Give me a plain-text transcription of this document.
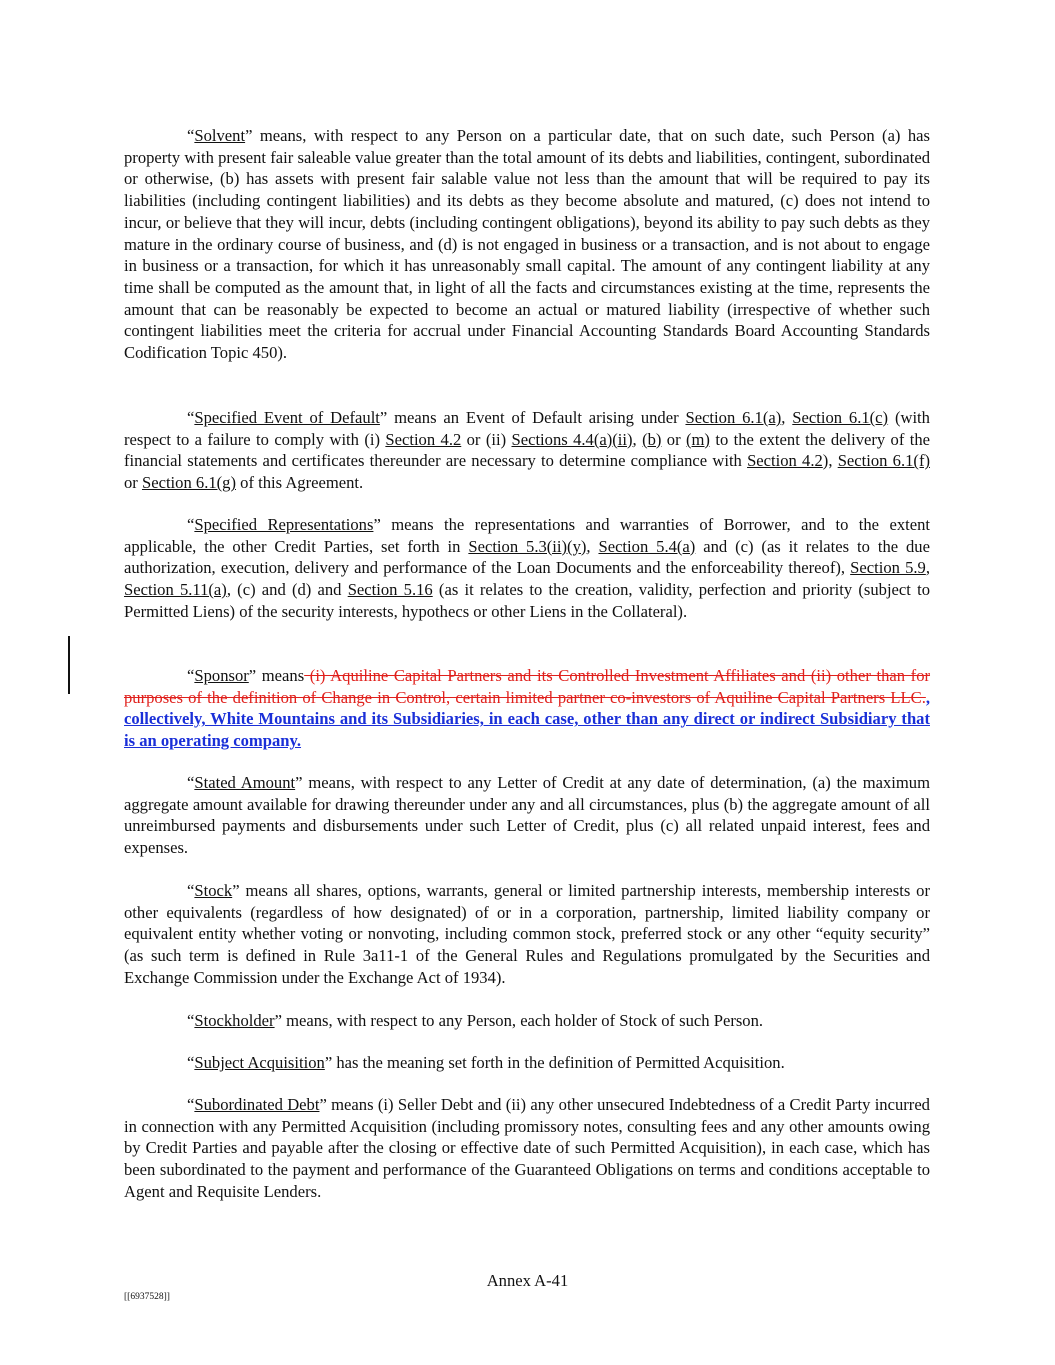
“Solvent” means, with respect to any Person on a particular date, that on such date, such Person (a) has property with present fair saleable value greater than the total amount of its debts and liabilities, contingent, subordinated or otherwise, (b) has assets with present fair salable value not less than the amount that will be required to pay its liabilities (including contingent liabilities) and its debts as they become absolute and matured, (c) does not intend to incur, or believe that they will incur, debts (including contingent obligations), beyond its ability to pay such debts as they mature in the ordinary course of business, and (d) is not engaged in business or a transaction, and is not about to engage in business or a transaction, for which it has unreasonably small capital. The amount of any contingent liability at any time shall be computed as the amount that, in light of all the facts and circumstances existing at the time, represents the amount that can be reasonably be expected to become an actual or matured liability (irrespective of whether such contingent liabilities meet the criteria for accrual under Financial Accounting Standards Board Accounting Standards Codification Topic 450).

“Specified Event of Default” means an Event of Default arising under Section 6.1(a), Section 6.1(c) (with respect to a failure to comply with (i) Section 4.2 or (ii) Sections 4.4(a)(ii), (b) or (m) to the extent the delivery of the financial statements and certificates thereunder are necessary to determine compliance with Section 4.2), Section 6.1(f) or Section 6.1(g) of this Agreement.

“Specified Representations” means the representations and warranties of Borrower, and to the extent applicable, the other Credit Parties, set forth in Section 5.3(ii)(y), Section 5.4(a) and (c) (as it relates to the due authorization, execution, delivery and performance of the Loan Documents and the enforceability thereof), Section 5.9, Section 5.11(a), (c) and (d) and Section 5.16 (as it relates to the creation, validity, perfection and priority (subject to Permitted Liens) of the security interests, hypothecs or other Liens in the Collateral).

“Sponsor” means (i) Aquiline Capital Partners and its Controlled Investment Affiliates and (ii) other than for purposes of the definition of Change in Control, certain limited partner co-investors of Aquiline Capital Partners LLC., collectively, White Mountains and its Subsidiaries, in each case, other than any direct or indirect Subsidiary that is an operating company.

“Stated Amount” means, with respect to any Letter of Credit at any date of determination, (a) the maximum aggregate amount available for drawing thereunder under any and all circumstances, plus (b) the aggregate amount of all unreimbursed payments and disbursements under such Letter of Credit, plus (c) all related unpaid interest, fees and expenses.

“Stock” means all shares, options, warrants, general or limited partnership interests, membership interests or other equivalents (regardless of how designated) of or in a corporation, partnership, limited liability company or equivalent entity whether voting or nonvoting, including common stock, preferred stock or any other “equity security” (as such term is defined in Rule 3a11-1 of the General Rules and Regulations promulgated by the Securities and Exchange Commission under the Exchange Act of 1934).

“Stockholder” means, with respect to any Person, each holder of Stock of such Person.

“Subject Acquisition” has the meaning set forth in the definition of Permitted Acquisition.

“Subordinated Debt” means (i) Seller Debt and (ii) any other unsecured Indebtedness of a Credit Party incurred in connection with any Permitted Acquisition (including promissory notes, consulting fees and any other amounts owing by Credit Parties and payable after the closing or effective date of such Permitted Acquisition), in each case, which has been subordinated to the payment and performance of the Guaranteed Obligations on terms and conditions acceptable to Agent and Requisite Lenders.

Annex A-41
[[6937528]]
